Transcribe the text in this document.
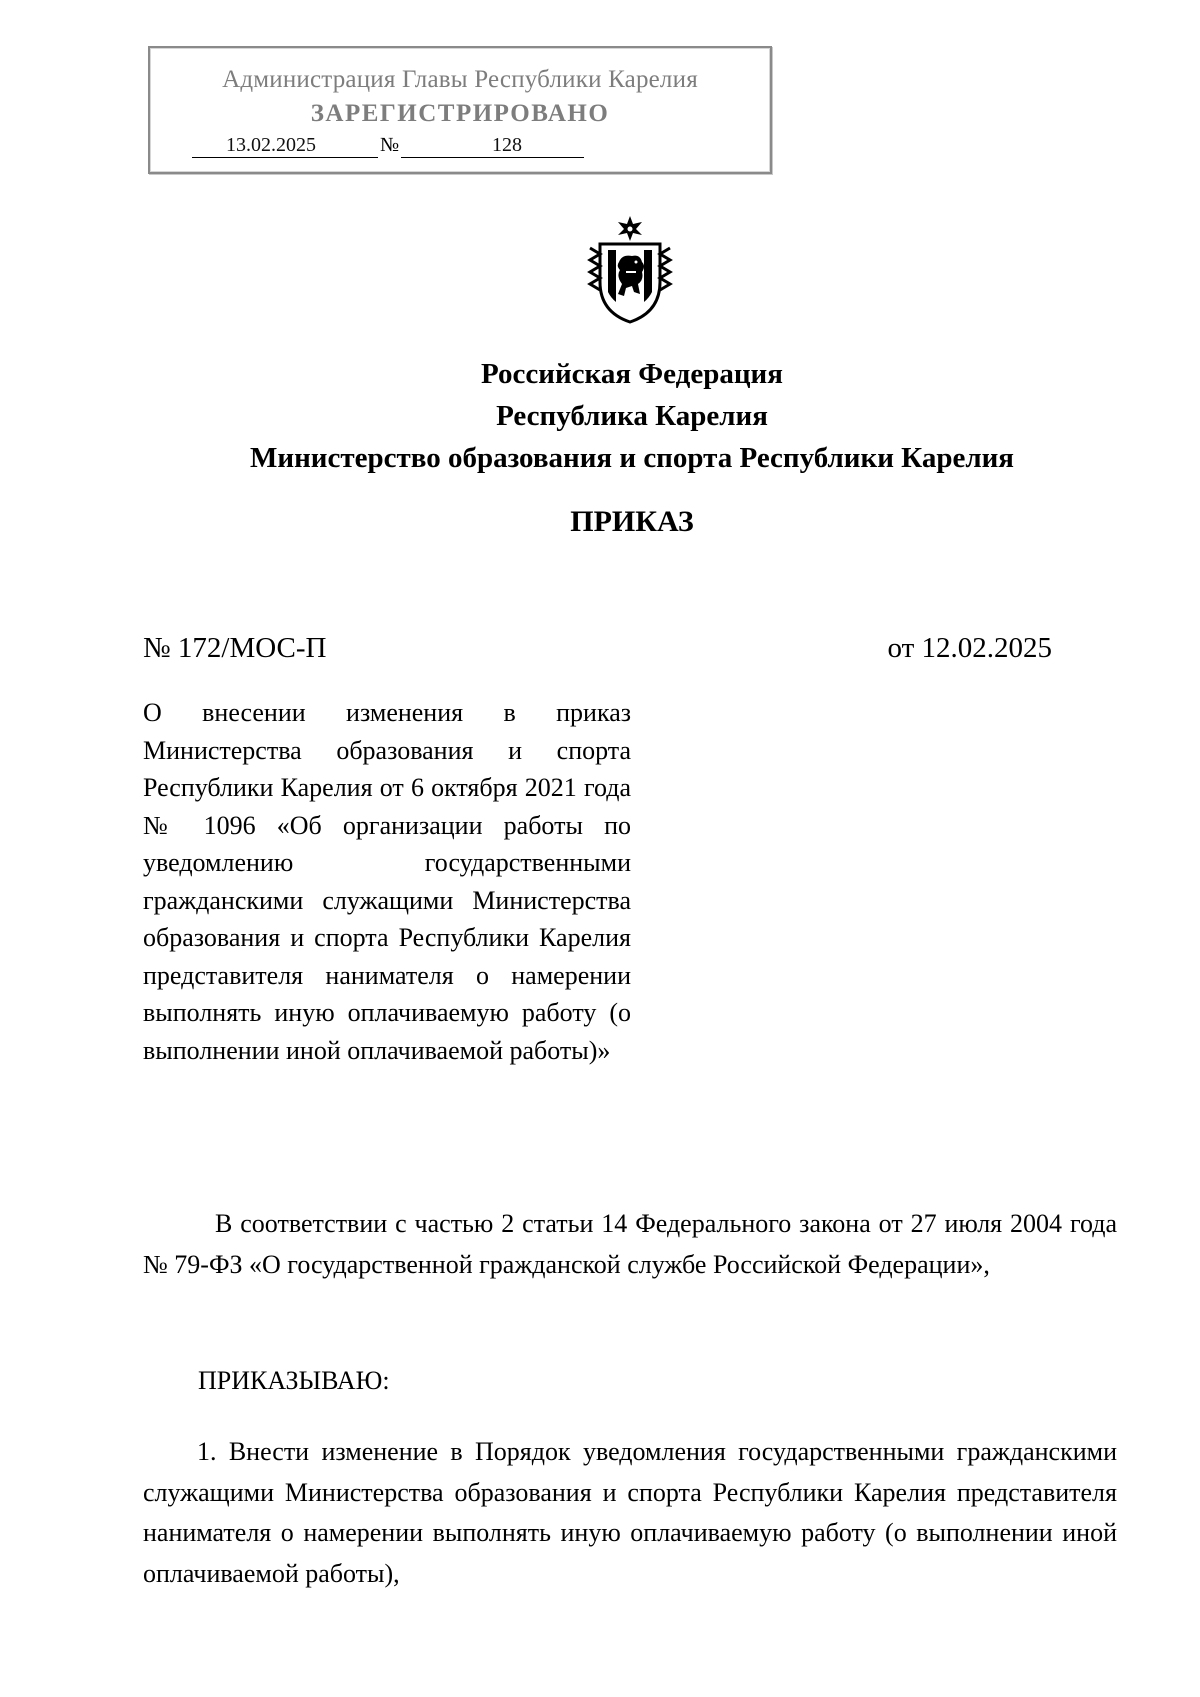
Администрация Главы Республики Карелия
ЗАРЕГИСТРИРОВАНО
13.02.2025	128
№
Российская Федерация
Республика Карелия
Министерство образования и спорта Республики Карелия
ПРИКАЗ
№ 172/МОС-П	от 12.02.2025

О внесении изменения в приказ Министерства образования и спорта Республики Карелия от 6 октября 2021 года № 1096 «Об организации работы по уведомлению государственными гражданскими служащими Министерства образования и спорта Республики Карелия представителя нанимателя о намерении выполнять иную оплачиваемую работу (о выполнении иной оплачиваемой работы)»

В соответствии с частью 2 статьи 14 Федерального закона от 27 июля 2004 года № 79-ФЗ «О государственной гражданской службе Российской Федерации»,

ПРИКАЗЫВАЮ:

1. Внести изменение в Порядок уведомления государственными гражданскими служащими Министерства образования и спорта Республики Карелия представителя нанимателя о намерении выполнять иную оплачиваемую работу (о выполнении иной оплачиваемой работы),
